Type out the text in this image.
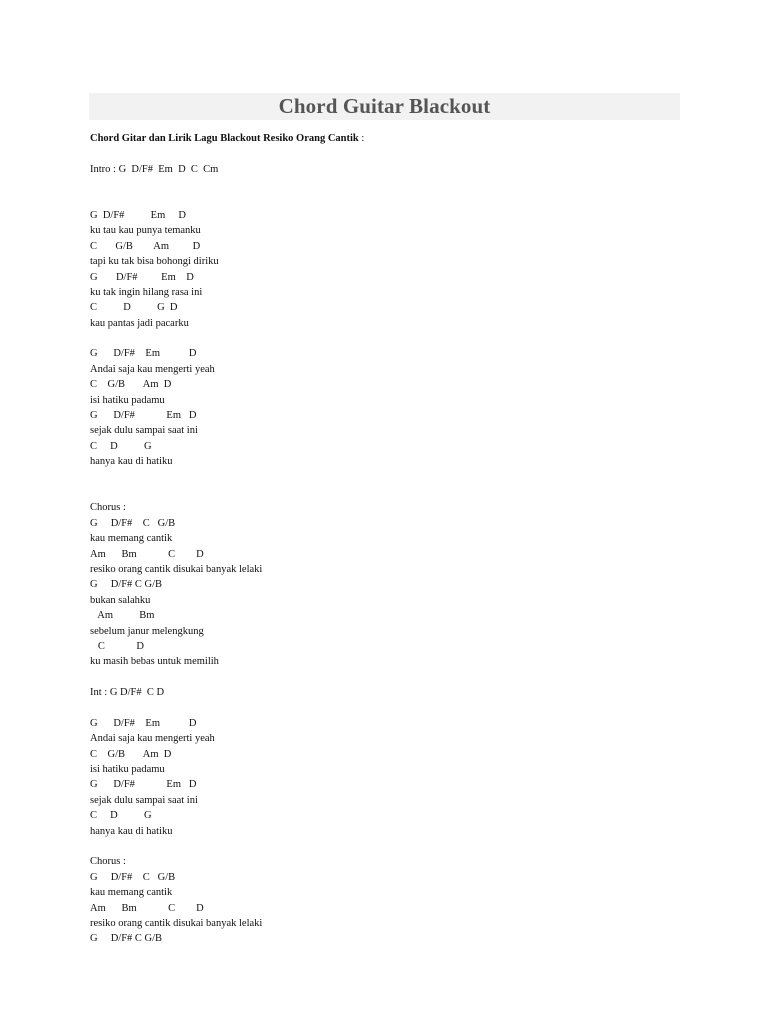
Chord Guitar Blackout
Chord Gitar dan Lirik Lagu Blackout Resiko Orang Cantik :
Intro : G  D/F#  Em  D  C  Cm
G  D/F#          Em     D
ku tau kau punya temanku
C       G/B        Am         D
tapi ku tak bisa bohongi diriku
G       D/F#         Em    D
ku tak ingin hilang rasa ini
C          D          G  D
kau pantas jadi pacarku
G      D/F#    Em           D
Andai saja kau mengerti yeah
C    G/B       Am  D
isi hatiku padamu
G      D/F#            Em   D
sejak dulu sampai saat ini
C     D          G
hanya kau di hatiku
Chorus :
G     D/F#    C   G/B
kau memang cantik
Am      Bm            C        D
resiko orang cantik disukai banyak lelaki
G     D/F# C G/B
bukan salahku
Am          Bm
sebelum janur melengkung
C            D
ku masih bebas untuk memilih
Int : G D/F#  C D
G      D/F#    Em           D
Andai saja kau mengerti yeah
C    G/B       Am  D
isi hatiku padamu
G      D/F#            Em   D
sejak dulu sampai saat ini
C     D          G
hanya kau di hatiku
Chorus :
G     D/F#    C   G/B
kau memang cantik
Am      Bm            C        D
resiko orang cantik disukai banyak lelaki
G     D/F# C G/B
